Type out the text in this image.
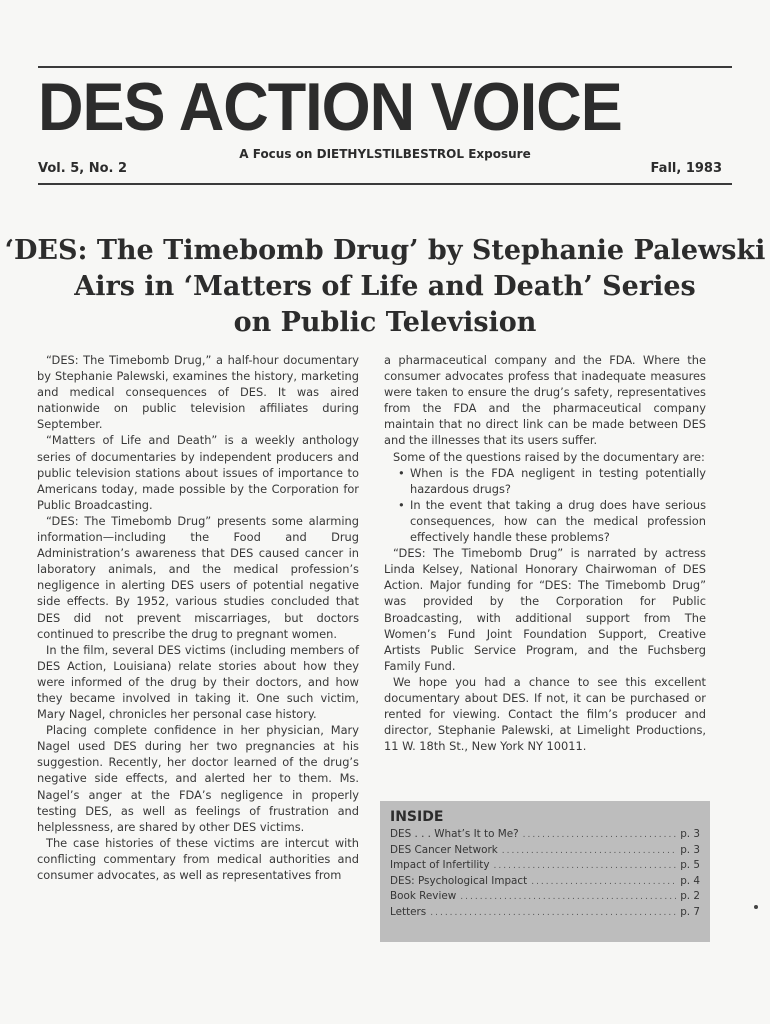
DES ACTION VOICE
A Focus on DIETHYLSTILBESTROL Exposure
Vol. 5, No. 2	Fall, 1983
‘DES: The Timebomb Drug’ by Stephanie Palewski
Airs in ‘Matters of Life and Death’ Series
on Public Television

“DES: The Timebomb Drug,” a half-hour documentary by Stephanie Palewski, examines the history, marketing and medical consequences of DES. It was aired nationwide on public television affiliates during September.

“Matters of Life and Death” is a weekly anthology series of documentaries by independent producers and public television stations about issues of importance to Americans today, made possible by the Corporation for Public Broadcasting.

“DES: The Timebomb Drug” presents some alarming information—including the Food and Drug Administration’s awareness that DES caused cancer in laboratory animals, and the medical profession’s negligence in alerting DES users of potential negative side effects. By 1952, various studies concluded that DES did not prevent miscarriages, but doctors continued to prescribe the drug to pregnant women.

In the film, several DES victims (including members of DES Action, Louisiana) relate stories about how they were informed of the drug by their doctors, and how they became involved in taking it. One such victim, Mary Nagel, chronicles her personal case history.

Placing complete confidence in her physician, Mary Nagel used DES during her two pregnancies at his suggestion. Recently, her doctor learned of the drug’s negative side effects, and alerted her to them. Ms. Nagel’s anger at the FDA’s negligence in properly testing DES, as well as feelings of frustration and helplessness, are shared by other DES victims.

The case histories of these victims are intercut with conflicting commentary from medical authorities and consumer advocates, as well as representatives from

a pharmaceutical company and the FDA. Where the consumer advocates profess that inadequate measures were taken to ensure the drug’s safety, representatives from the FDA and the pharmaceutical company maintain that no direct link can be made between DES and the illnesses that its users suffer.

Some of the questions raised by the documentary are:

• When is the FDA negligent in testing potentially hazardous drugs?
• In the event that taking a drug does have serious consequences, how can the medical profession effectively handle these problems?

“DES: The Timebomb Drug” is narrated by actress Linda Kelsey, National Honorary Chairwoman of DES Action. Major funding for “DES: The Timebomb Drug” was provided by the Corporation for Public Broadcasting, with additional support from The Women’s Fund Joint Foundation Support, Creative Artists Public Service Program, and the Fuchsberg Family Fund.

We hope you had a chance to see this excellent documentary about DES. If not, it can be purchased or rented for viewing. Contact the film’s producer and director, Stephanie Palewski, at Limelight Productions, 11 W. 18th St., New York NY 10011.

INSIDE
DES . . . What’s It to Me? .....	p. 3
DES Cancer Network .....	p. 3
Impact of Infertility .....	p. 5
DES: Psychological Impact .....	p. 4
Book Review .....	p. 2
Letters .....	p. 7
